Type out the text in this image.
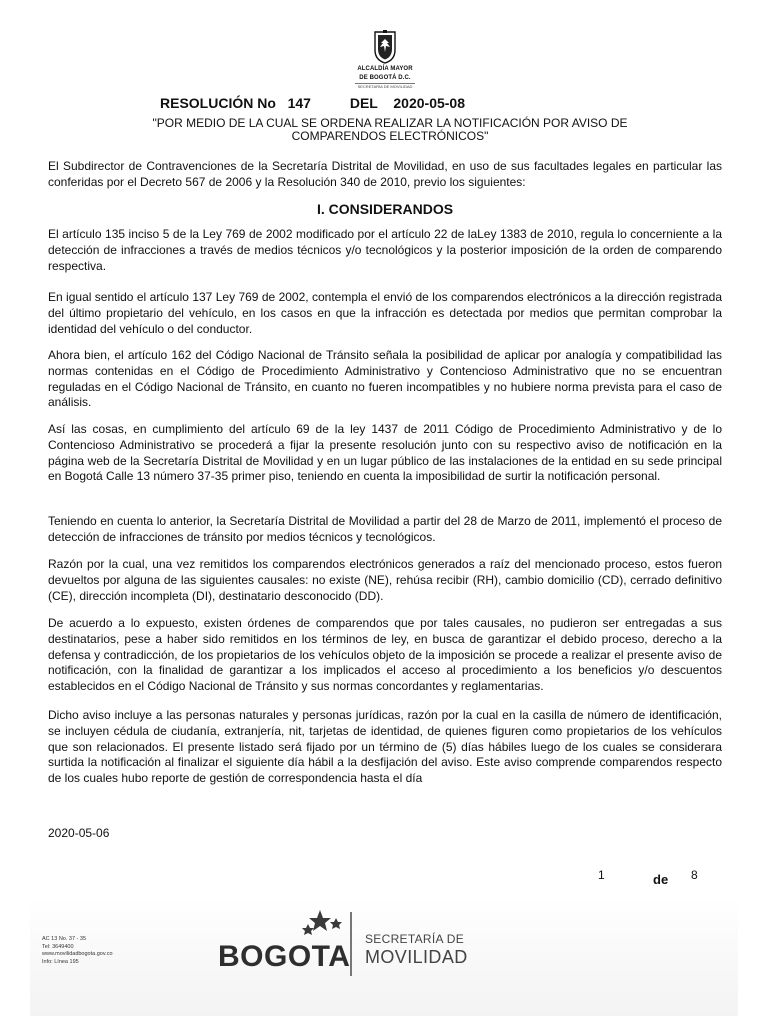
ALCALDÍA MAYOR
DE BOGOTÁ D.C.
SECRETARÍA DE MOVILIDAD
RESOLUCIÓN No 147	DEL 2020-05-08
"POR MEDIO DE LA CUAL SE ORDENA REALIZAR LA NOTIFICACIÓN POR AVISO DE
COMPARENDOS ELECTRÓNICOS"
El Subdirector de Contravenciones de la Secretaría Distrital de Movilidad, en uso de sus facultades legales en particular las conferidas por el Decreto 567 de 2006 y la Resolución 340 de 2010, previo los siguientes:
I. CONSIDERANDOS
El artículo 135 inciso 5 de la Ley 769 de 2002 modificado por el artículo 22 de laLey 1383 de 2010, regula lo concerniente a la detección de infracciones a través de medios técnicos y/o tecnológicos y la posterior imposición de la orden de comparendo respectiva.
En igual sentido el artículo 137 Ley 769 de 2002, contempla el envió de los comparendos electrónicos a la dirección registrada del último propietario del vehículo, en los casos en que la infracción es detectada por medios que permitan comprobar la identidad del vehículo o del conductor.
Ahora bien, el artículo 162 del Código Nacional de Tránsito señala la posibilidad de aplicar por analogía y compatibilidad las normas contenidas en el Código de Procedimiento Administrativo y Contencioso Administrativo que no se encuentran reguladas en el Código Nacional de Tránsito, en cuanto no fueren incompatibles y no hubiere norma prevista para el caso de análisis.
Así las cosas, en cumplimiento del artículo 69 de la ley 1437 de 2011 Código de Procedimiento Administrativo y de lo Contencioso Administrativo se procederá a fijar la presente resolución junto con su respectivo aviso de notificación en la página web de la Secretaría Distrital de Movilidad y en un lugar público de las instalaciones de la entidad en su sede principal en Bogotá Calle 13 número 37-35 primer piso, teniendo en cuenta la imposibilidad de surtir la notificación personal.
Teniendo en cuenta lo anterior, la Secretaría Distrital de Movilidad a partir del 28 de Marzo de 2011, implementó el proceso de detección de infracciones de tránsito por medios técnicos y tecnológicos.
Razón por la cual, una vez remitidos los comparendos electrónicos generados a raíz del mencionado proceso, estos fueron devueltos por alguna de las siguientes causales: no existe (NE), rehúsa recibir (RH), cambio domicilio (CD), cerrado definitivo (CE), dirección incompleta (DI), destinatario desconocido (DD).
De acuerdo a lo expuesto, existen órdenes de comparendos que por tales causales, no pudieron ser entregadas a sus destinatarios, pese a haber sido remitidos en los términos de ley, en busca de garantizar el debido proceso, derecho a la defensa y contradicción, de los propietarios de los vehículos objeto de la imposición se procede a realizar el presente aviso de notificación, con la finalidad de garantizar a los implicados el acceso al procedimiento a los beneficios y/o descuentos establecidos en el Código Nacional de Tránsito y sus normas concordantes y reglamentarias.
Dicho aviso incluye a las personas naturales y personas jurídicas, razón por la cual en la casilla de número de identificación, se incluyen cédula de ciudanía, extranjería, nit, tarjetas de identidad, de quienes figuren como propietarios de los vehículos que son relacionados. El presente listado será fijado por un término de (5) días hábiles luego de los cuales se considerara surtida la notificación al finalizar el siguiente día hábil a la desfijación del aviso. Este aviso comprende comparendos respecto de los cuales hubo reporte de gestión de correspondencia hasta el día
2020-05-06
1	de 8
AC 13 No. 37 - 35
Tel: 3649400
www.movilidadbogota.gov.co
Info: Línea 195	BOGOTA
SECRETARÍA DE
MOVILIDAD
